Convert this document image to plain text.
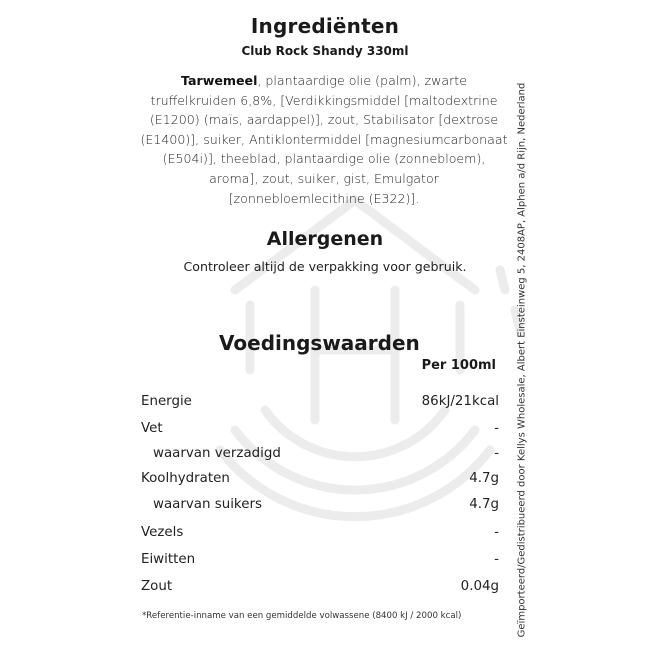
Ingrediënten
Club Rock Shandy 330ml
Tarwemeel, plantaardige olie (palm), zwarte truffelkruiden 6,8%, [Verdikkingsmiddel [maltodextrine (E1200) (maïs, aardappel)], zout, Stabilisator [dextrose (E1400)], suiker, Antiklontermiddel [magnesiumcarbonaat (E504i)], theeblad, plantaardige olie (zonnebloem), aroma], zout, suiker, gist, Emulgator [zonnebloemlecithine (E322)].
Allergenen
Controleer altijd de verpakking voor gebruik.
Voedingswaarden
Per 100ml
Energie	86kJ/21kcal
Vet	-
waarvan verzadigd	-
Koolhydraten	4.7g
waarvan suikers	4.7g
Vezels	-
Eiwitten	-
Zout	0.04g
*Referentie-inname van een gemiddelde volwassene (8400 kJ / 2000 kcal)	Geïmporteerd/Gedistribueerd door Kellys Wholesale, Albert Einsteinweg 5, 2408AP, Alphen a/d Rijn, Nederland
